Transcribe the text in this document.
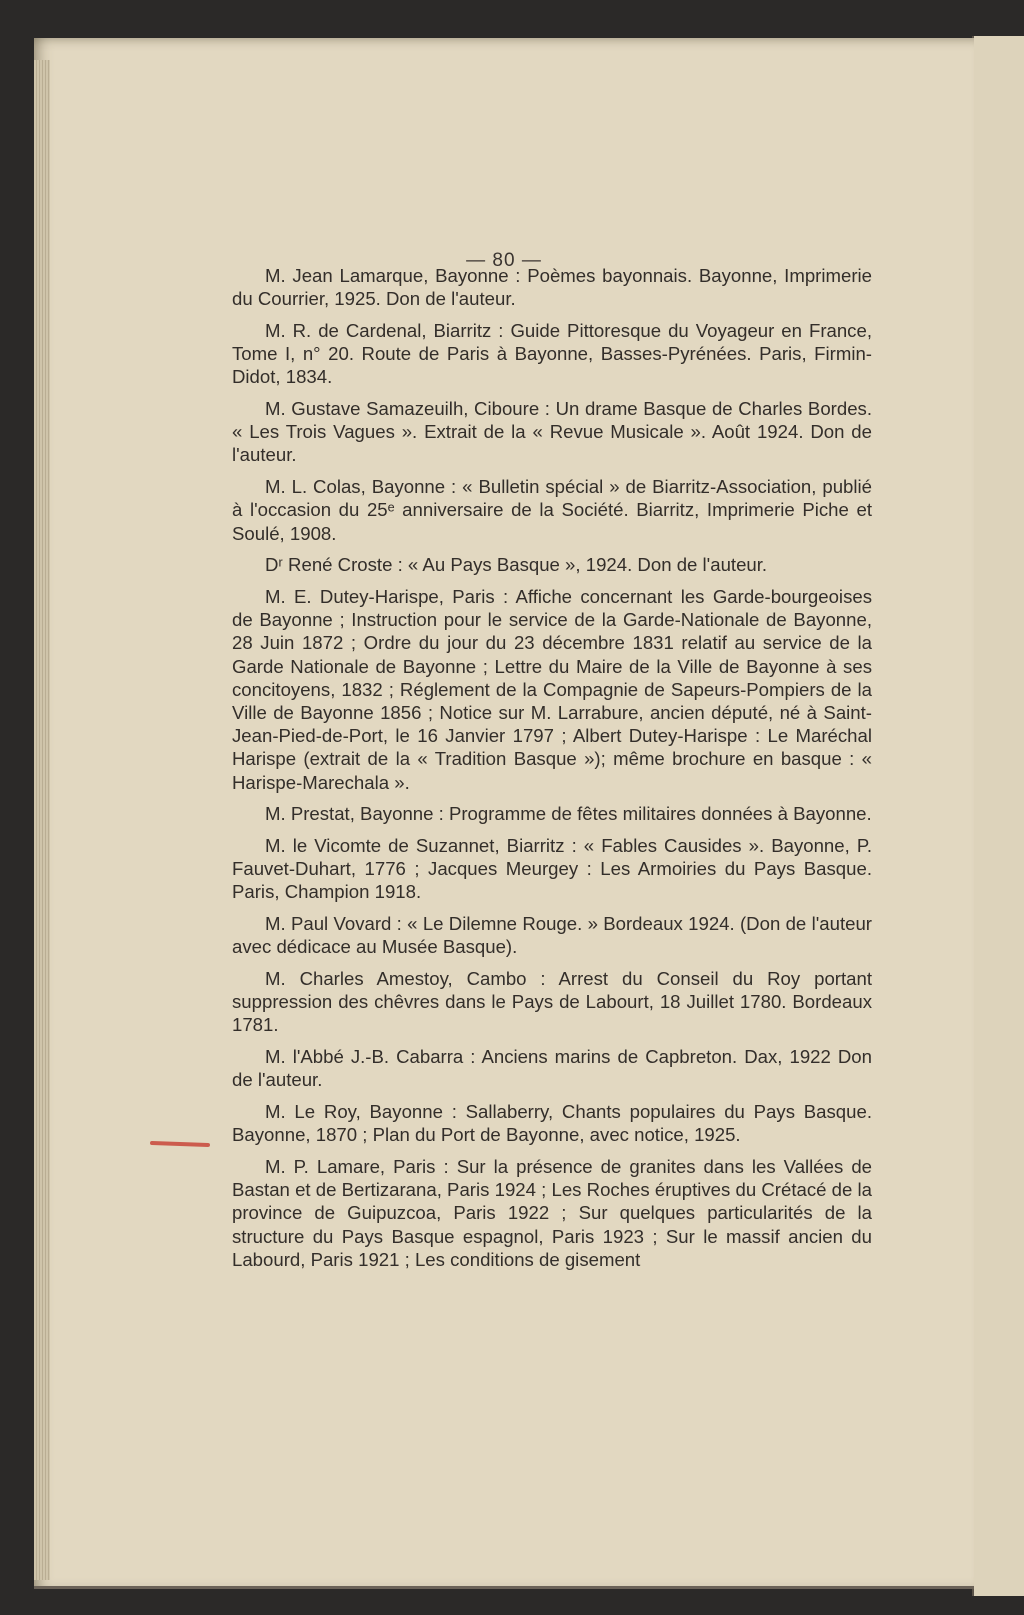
— 80 —

M. Jean Lamarque, Bayonne : Poèmes bayonnais. Bayonne, Imprimerie du Courrier, 1925. Don de l'auteur.

M. R. de Cardenal, Biarritz : Guide Pittoresque du Voyageur en France, Tome I, n° 20. Route de Paris à Bayonne, Basses-Pyrénées. Paris, Firmin-Didot, 1834.

M. Gustave Samazeuilh, Ciboure : Un drame Basque de Charles Bordes. « Les Trois Vagues ». Extrait de la « Revue Musicale ». Août 1924. Don de l'auteur.

M. L. Colas, Bayonne : « Bulletin spécial » de Biarritz-Association, publié à l'occasion du 25ᵉ anniversaire de la Société. Biarritz, Imprimerie Piche et Soulé, 1908.

Dʳ René Croste : « Au Pays Basque », 1924. Don de l'auteur.

M. E. Dutey-Harispe, Paris : Affiche concernant les Garde-bourgeoises de Bayonne ; Instruction pour le service de la Garde-Nationale de Bayonne, 28 Juin 1872 ; Ordre du jour du 23 décembre 1831 relatif au service de la Garde Nationale de Bayonne ; Lettre du Maire de la Ville de Bayonne à ses concitoyens, 1832 ; Réglement de la Compagnie de Sapeurs-Pompiers de la Ville de Bayonne 1856 ; Notice sur M. Larrabure, ancien député, né à Saint-Jean-Pied-de-Port, le 16 Janvier 1797 ; Albert Dutey-Harispe : Le Maréchal Harispe (extrait de la « Tradition Basque »); même brochure en basque : « Harispe-Marechala ».

M. Prestat, Bayonne : Programme de fêtes militaires données à Bayonne.

M. le Vicomte de Suzannet, Biarritz : « Fables Causides ». Bayonne, P. Fauvet-Duhart, 1776 ; Jacques Meurgey : Les Armoiries du Pays Basque. Paris, Champion 1918.

M. Paul Vovard : « Le Dilemne Rouge. » Bordeaux 1924. (Don de l'auteur avec dédicace au Musée Basque).

M. Charles Amestoy, Cambo : Arrest du Conseil du Roy portant suppression des chêvres dans le Pays de Labourt, 18 Juillet 1780. Bordeaux 1781.

M. l'Abbé J.-B. Cabarra : Anciens marins de Capbreton. Dax, 1922 Don de l'auteur.

M. Le Roy, Bayonne : Sallaberry, Chants populaires du Pays Basque. Bayonne, 1870 ; Plan du Port de Bayonne, avec notice, 1925.

M. P. Lamare, Paris : Sur la présence de granites dans les Vallées de Bastan et de Bertizarana, Paris 1924 ; Les Roches éruptives du Crétacé de la province de Guipuzcoa, Paris 1922 ; Sur quelques particularités de la structure du Pays Basque espagnol, Paris 1923 ; Sur le massif ancien du Labourd, Paris 1921 ; Les conditions de gisement
